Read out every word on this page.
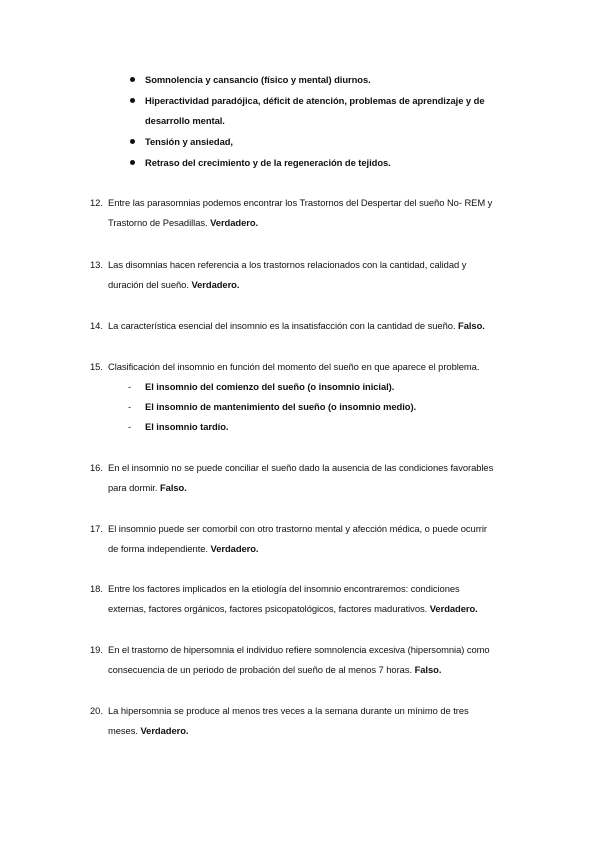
Somnolencia y cansancio (físico y mental) diurnos.
Hiperactividad paradójica, déficit de atención, problemas de aprendizaje y de
desarrollo mental.
Tensión y ansiedad,
Retraso del crecimiento y de la regeneración de tejidos.
12. Entre las parasomnias podemos encontrar los Trastornos del Despertar del sueño No- REM y
Trastorno de Pesadillas. Verdadero.
13. Las disomnias hacen referencia a los trastornos relacionados con la cantidad, calidad y
duración del sueño. Verdadero.
14. La característica esencial del insomnio es la insatisfacción con la cantidad de sueño. Falso.
15. Clasificación del insomnio en función del momento del sueño en que aparece el problema.
- El insomnio del comienzo del sueño (o insomnio inicial).
- El insomnio de mantenimiento del sueño (o insomnio medio).
- El insomnio tardío.
16. En el insomnio no se puede conciliar el sueño dado la ausencia de las condiciones favorables
para dormir. Falso.
17. El insomnio puede ser comorbil con otro trastorno mental y afección médica, o puede ocurrir
de forma independiente. Verdadero.
18. Entre los factores implicados en la etiología del insomnio encontraremos: condiciones
externas, factores orgánicos, factores psicopatológicos, factores madurativos. Verdadero.
19. En el trastorno de hipersomnia el individuo refiere somnolencia excesiva (hipersomnia) como
consecuencia de un periodo de probación del sueño de al menos 7 horas. Falso.
20. La hipersomnia se produce al menos tres veces a la semana durante un mínimo de tres
meses. Verdadero.
